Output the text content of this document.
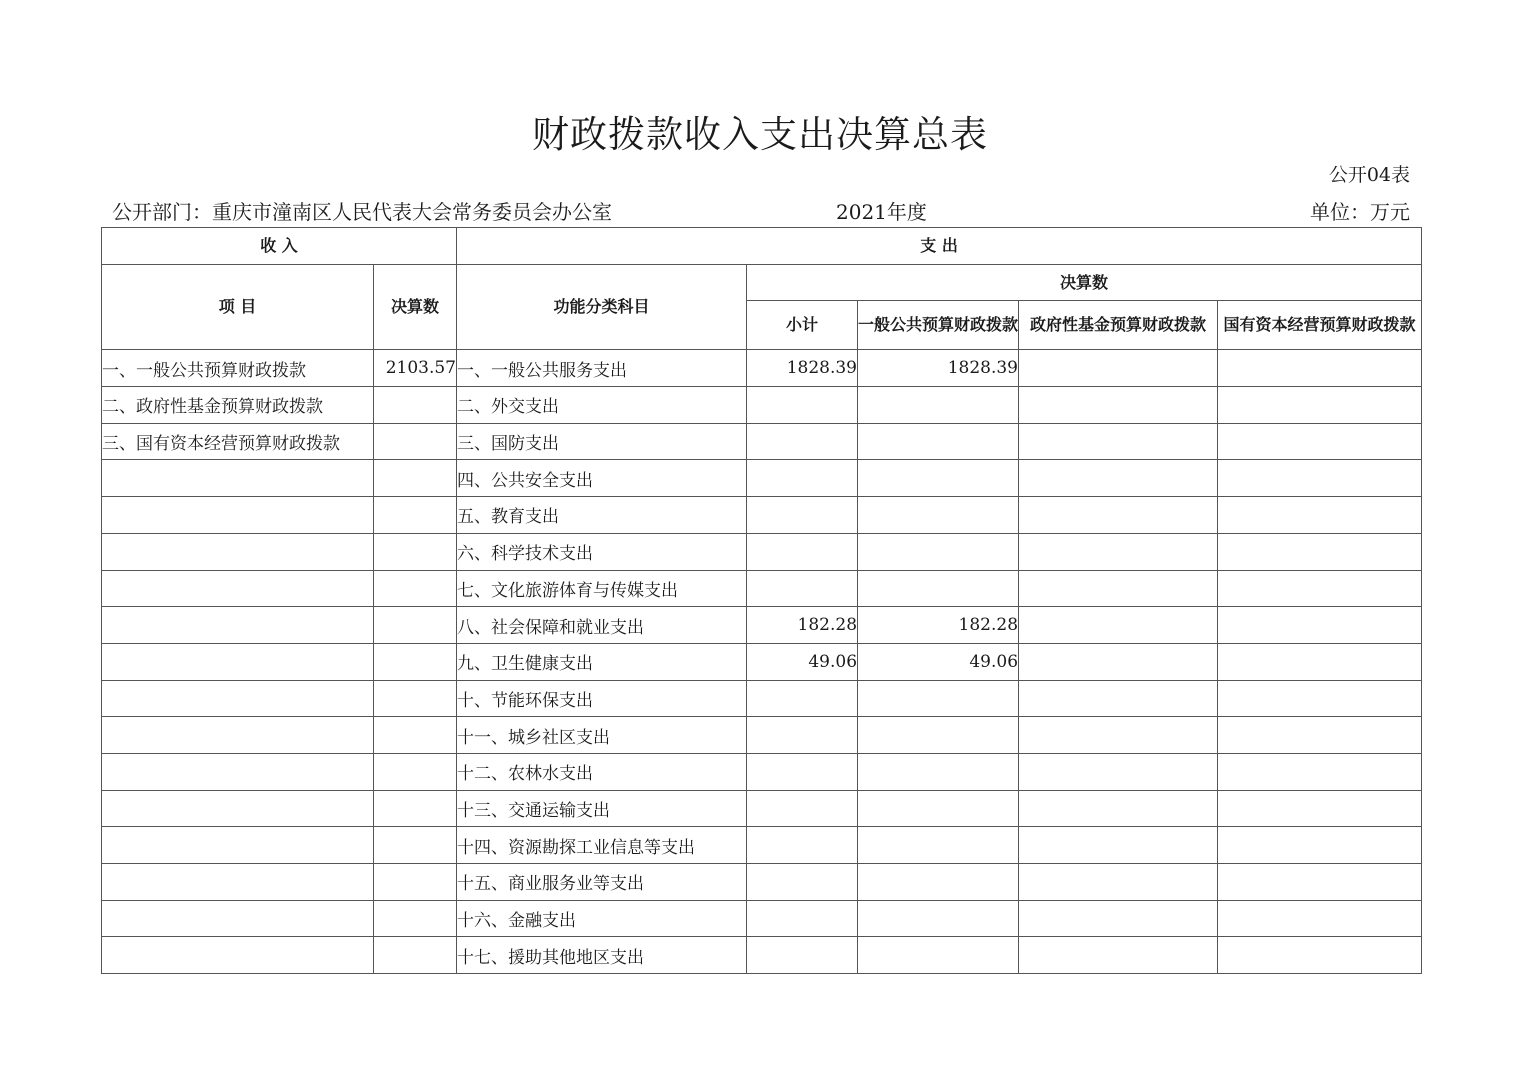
财政拨款收入支出决算总表
公开04表
公开部门：重庆市潼南区人民代表大会常务委员会办公室	2021年度	单位：万元
收 入		支 出				
项 目	决算数	功能分类科目	决算数			
			小计	一般公共预算财政拨款	政府性基金预算财政拨款	国有资本经营预算财政拨款
一、一般公共预算财政拨款	2103.57	一、一般公共服务支出	1828.39	1828.39		
二、政府性基金预算财政拨款		二、外交支出				
三、国有资本经营预算财政拨款		三、国防支出				
		四、公共安全支出				
		五、教育支出				
		六、科学技术支出				
		七、文化旅游体育与传媒支出				
		八、社会保障和就业支出	182.28	182.28		
		九、卫生健康支出	49.06	49.06		
		十、节能环保支出				
		十一、城乡社区支出				
		十二、农林水支出				
		十三、交通运输支出				
		十四、资源勘探工业信息等支出				
		十五、商业服务业等支出				
		十六、金融支出				
		十七、援助其他地区支出				
